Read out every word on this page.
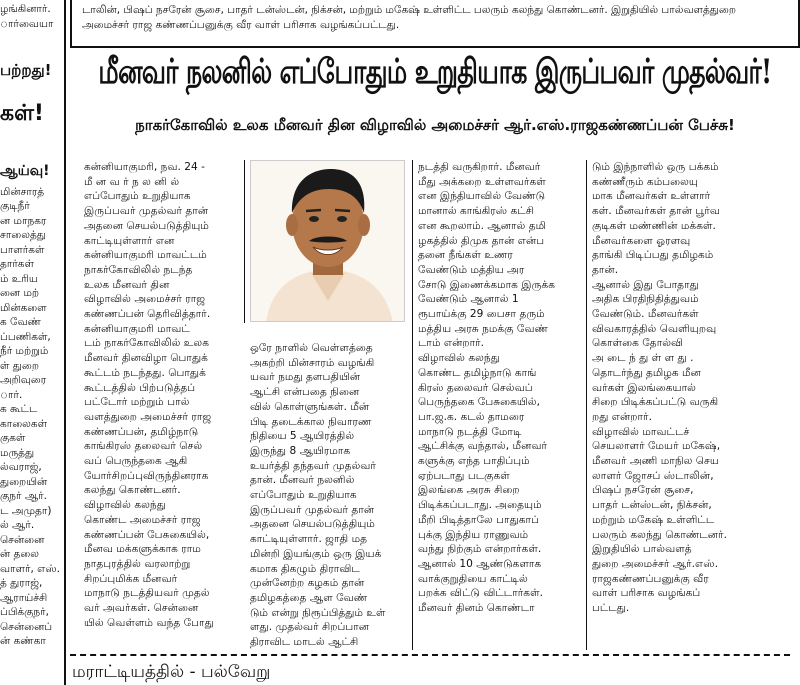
ழங்கினார்.
ார்வையா
பற்றது!
கள்!
ஆய்வு!
மின்சாரத்
குடிநீர்
ன மாநகர
சாலைத்து
பாளர்கள்
தார்கள்
ம் உரிய
னை மற்
மின்களை
க வேண்
ப்பணிகள்,
நீர் மற்றும்
ள் துறை
அறிவுரை
ார்.
க கூட்ட
காலைகள்
குகள்
மருத்து
ல்வராஜ்,
துறையின்
குநர் ஆர்.
ட அமுதா)
ல் ஆர்.
சென்னை
ன் தலை
வாளர், எஸ்.
த் துராஜ்,
ஆராய்ச்சி
ப்பிக்குநர்,
சென்னைப்
ன் கண்கா
டாலின், பிஷப் நசரேன் சூசை, பாதர் டன்ஸ்டன், நிக்சன், மற்றும் மகேஷ் உள்ளிட்ட பலரும் கலந்து கொண்டனர். இறுதியில் பால்வளத்துறை
அமைச்சர் ராஜ கண்ணப்பனுக்கு வீர வாள் பரிசாக வழங்கப்பட்டது.
மீனவர் நலனில் எப்போதும் உறுதியாக இருப்பவர் முதல்வர்!
நாகர்கோவில் உலக மீனவர் தின விழாவில் அமைச்சர் ஆர்.எஸ்.ராஜகண்ணப்பன் பேச்சு!
கன்னியாகுமரி, நவ. 24 -
மீ ன வ ர் ந ல னி ல்
எப்போதும் உறுதியாக
இருப்பவர் முதல்வர் தான்
அதனை செயல்படுத்தியும்
காட்டியுள்ளார் என
கன்னியாகுமரி மாவட்டம்
நாகர்கோவிலில் நடந்த
உலக மீனவர் தின
விழாவில் அமைச்சர் ராஜ
கண்ணப்பன் தெரிவித்தார்.
கன்னியாகுமரி மாவட்
டம் நாகர்கோவிலில் உலக
மீனவர் தினவிழா பொதுக்
கூட்டம் நடந்தது. பொதுக்
கூட்டத்தில் பிற்படுத்தப்
பட்டோர் மற்றும் பால்
வளத்துறை அமைச்சர் ராஜ
கண்ணப்பன், தமிழ்நாடு
காங்கிரஸ் தலைவர் செல்
வப் பெருந்தகை ஆகி
யோர்சிறப்புவிருந்தினராக
கலந்து கொண்டனர்.
விழாவில் கலந்து
கொண்ட அமைச்சர் ராஜ
கண்ணப்பன் பேசுகையில்,
மீனவ மக்களுக்காக ராம
நாதபுரத்தில் வரலாற்று
சிறப்புமிக்க மீனவர்
மாநாடு நடத்தியவர் முதல்
வர் அவர்கள். சென்னை
யில் வெள்ளம் வந்த போது
ஒரே நாளில் வெள்ளத்தை
அகற்றி மின்சாரம் வழங்கி
யவர் நமது தளபதியின்
ஆட்சி என்பதை நினை
வில் கொள்ளுங்கள். மீன்
பிடி தடைக்கால நிவாரண
நிதியை 5 ஆயிரத்தில்
இருந்து 8 ஆயிரமாக
உயர்த்தி தந்தவர் முதல்வர்
தான். மீனவர் நலனில்
எப்போதும் உறுதியாக
இருப்பவர் முதல்வர் தான்
அதனை செயல்படுத்தியும்
காட்டியுள்ளார். ஜாதி மத
மின்றி இயங்கும் ஒரு இயக்
கமாக திகழும் திராவிட
முன்னேற்ற கழகம் தான்
தமிழகத்தை ஆள வேண்
டும் என்று நிரூப்பித்தும் உள்
ளது. முதல்வர் சிறப்பான
திராவிட மாடல் ஆட்சி
நடத்தி வருகிறார். மீனவர்
மீது அக்கறை உள்ளவர்கள்
என இந்தியாவில் வேண்டு
மானால் காங்கிரஸ் கட்சி
என கூறலாம். ஆனால் தமி
ழகத்தில் திமுக தான் என்ப
தனை நீங்கள் உணர
வேண்டும் மத்திய அர
சோடு இணைக்கமாக இருக்க
வேண்டும் ஆனால் 1
ரூபாய்க்கு 29 பைசா தரும்
மத்திய அரசு நமக்கு வேண்
டாம் என்றார்.
விழாவில் கலந்து
கொண்ட தமிழ்நாடு காங்
கிரஸ் தலைவர் செல்வப்
பெருந்தகை பேசுகையில்,
பா.ஜ.க. கடல் தாமரை
மாநாடு நடத்தி மோடி
ஆட்சிக்கு வந்தால், மீனவர்
களுக்கு எந்த பாதிப்பும்
ஏற்படாது படகுகள்
இலங்கை அரசு சிறை
பிடிக்கப்படாது. அதையும்
மீறி பிடித்தாலே பாதுகாப்
புக்கு இந்திய ராணுவம்
வந்து நிற்கும் என்றார்கள்.
ஆனால் 10 ஆண்டுகளாக
வாக்குறுதியை காட்டில்
பறக்க விட்டு விட்டார்கள்.
மீனவர் தினம் கொண்டா
டும் இந்நாளில் ஒரு பக்கம்
கண்ணீரும் கம்பலையு
மாக மீனவர்கள் உள்ளார்
கள். மீனவர்கள் தான் பூர்வ
குடிகள் மண்ணின் மக்கள்.
மீனவர்களை ஓரளவு
தாங்கி பிடிப்பது தமிழகம்
தான்.
ஆனால் இது போதாது
அதிக பிரதிநிதித்துவம்
வேண்டும். மீனவர்கள்
விவகாரத்தில் வெளியுறவு
கொள்கை தோல்வி
அ டை ந் து ள் ள து .
தொடர்ந்து தமிழக மீன
வர்கள் இலங்கையால்
சிறை பிடிக்கப்பட்டு வருகி
றது என்றார்.
விழாவில் மாவட்டச்
செயலாளர் மேயர் மகேஷ்,
மீனவர் அணி மாநில செய
லாளர் ஜோசப் ஸ்டாலின்,
பிஷப் நசரேன் சூசை,
பாதர் டன்ஸ்டன், நிக்சன்,
மற்றும் மகேஷ் உள்ளிட்ட
பலரும் கலந்து கொண்டனர்.
இறுதியில் பால்வளத்
துறை அமைச்சர் ஆர்.எஸ்.
ராஜகண்ணப்பனுக்கு வீர
வாள் பரிசாக வழங்கப்
பட்டது.
மராட்டியத்தில் - பல்வேறு
